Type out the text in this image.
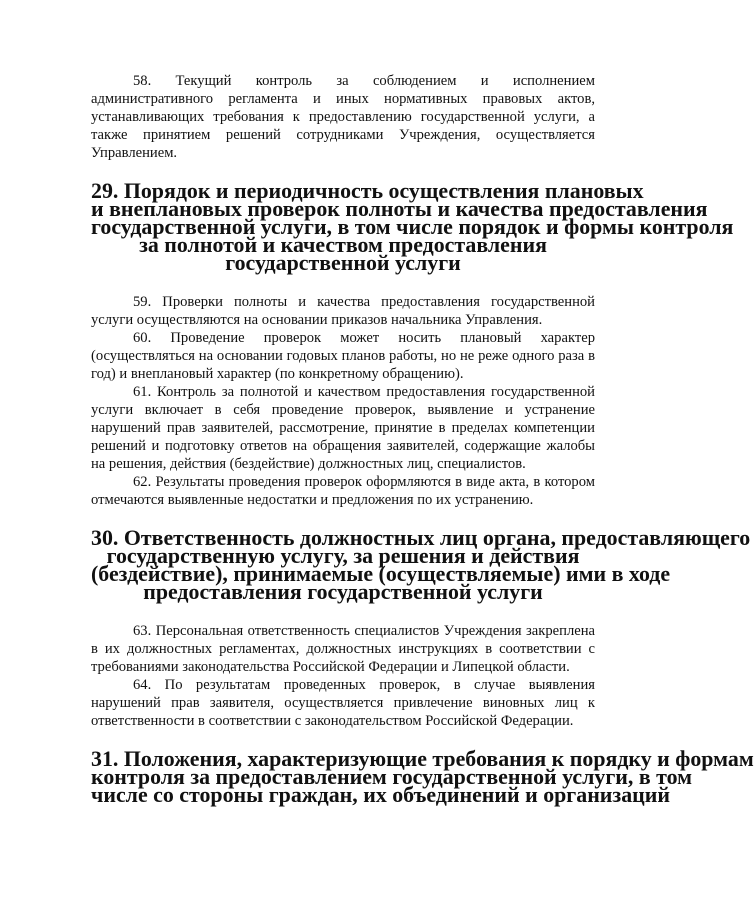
58. Текущий контроль за соблюдением и исполнением административного регламента и иных нормативных правовых актов, устанавливающих требования к предоставлению государственной услуги, а также принятием решений сотрудниками Учреждения, осуществляется Управлением.

29. Порядок и периодичность осуществления плановых
и внеплановых проверок полноты и качества предоставления
государственной услуги, в том числе порядок и формы контроля
за полнотой и качеством предоставления
государственной услуги

59. Проверки полноты и качества предоставления государственной услуги осуществляются на основании приказов начальника Управления.

60. Проведение проверок может носить плановый характер (осуществляться на основании годовых планов работы, но не реже одного раза в год) и внеплановый характер (по конкретному обращению).

61. Контроль за полнотой и качеством предоставления государственной услуги включает в себя проведение проверок, выявление и устранение нарушений прав заявителей, рассмотрение, принятие в пределах компетенции решений и подготовку ответов на обращения заявителей, содержащие жалобы на решения, действия (бездействие) должностных лиц, специалистов.

62. Результаты проведения проверок оформляются в виде акта, в котором отмечаются выявленные недостатки и предложения по их устранению.

30. Ответственность должностных лиц органа, предоставляющего
государственную услугу, за решения и действия
(бездействие), принимаемые (осуществляемые) ими в ходе
предоставления государственной услуги

63. Персональная ответственность специалистов Учреждения закреплена в их должностных регламентах, должностных инструкциях в соответствии с требованиями законодательства Российской Федерации и Липецкой области.

64. По результатам проведенных проверок, в случае выявления нарушений прав заявителя, осуществляется привлечение виновных лиц к ответственности в соответствии с законодательством Российской Федерации.

31. Положения, характеризующие требования к порядку и формам
контроля за предоставлением государственной услуги, в том
числе со стороны граждан, их объединений и организаций
